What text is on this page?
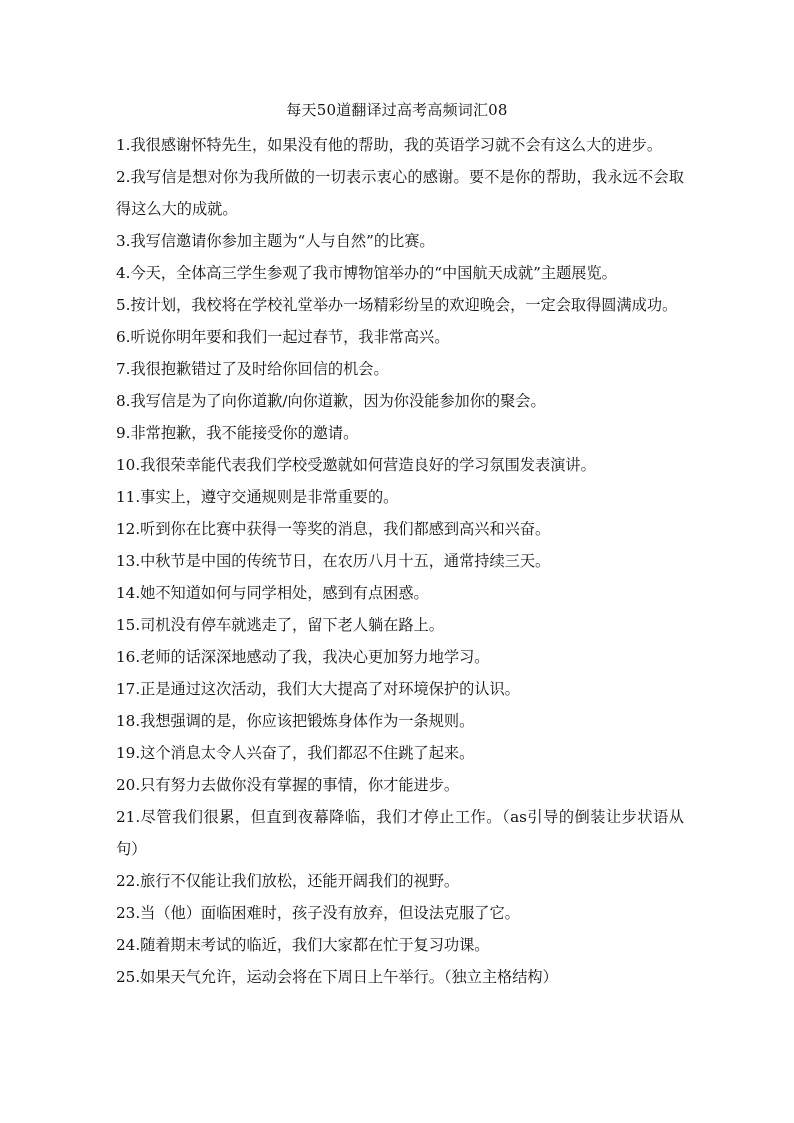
每天50道翻译过高考高频词汇08
1.我很感谢怀特先生，如果没有他的帮助，我的英语学习就不会有这么大的进步。
2.我写信是想对你为我所做的一切表示衷心的感谢。要不是你的帮助，我永远不会取得这么大的成就。
3.我写信邀请你参加主题为“人与自然”的比赛。
4.今天，全体高三学生参观了我市博物馆举办的“中国航天成就”主题展览。
5.按计划，我校将在学校礼堂举办一场精彩纷呈的欢迎晚会，一定会取得圆满成功。
6.听说你明年要和我们一起过春节，我非常高兴。
7.我很抱歉错过了及时给你回信的机会。
8.我写信是为了向你道歉/向你道歉，因为你没能参加你的聚会。
9.非常抱歉，我不能接受你的邀请。
10.我很荣幸能代表我们学校受邀就如何营造良好的学习氛围发表演讲。
11.事实上，遵守交通规则是非常重要的。
12.听到你在比赛中获得一等奖的消息，我们都感到高兴和兴奋。
13.中秋节是中国的传统节日，在农历八月十五，通常持续三天。
14.她不知道如何与同学相处，感到有点困惑。
15.司机没有停车就逃走了，留下老人躺在路上。
16.老师的话深深地感动了我，我决心更加努力地学习。
17.正是通过这次活动，我们大大提高了对环境保护的认识。
18.我想强调的是，你应该把锻炼身体作为一条规则。
19.这个消息太令人兴奋了，我们都忍不住跳了起来。
20.只有努力去做你没有掌握的事情，你才能进步。
21.尽管我们很累，但直到夜幕降临，我们才停止工作。（as引导的倒装让步状语从句）
22.旅行不仅能让我们放松，还能开阔我们的视野。
23.当（他）面临困难时，孩子没有放弃，但设法克服了它。
24.随着期末考试的临近，我们大家都在忙于复习功课。
25.如果天气允许，运动会将在下周日上午举行。（独立主格结构）
